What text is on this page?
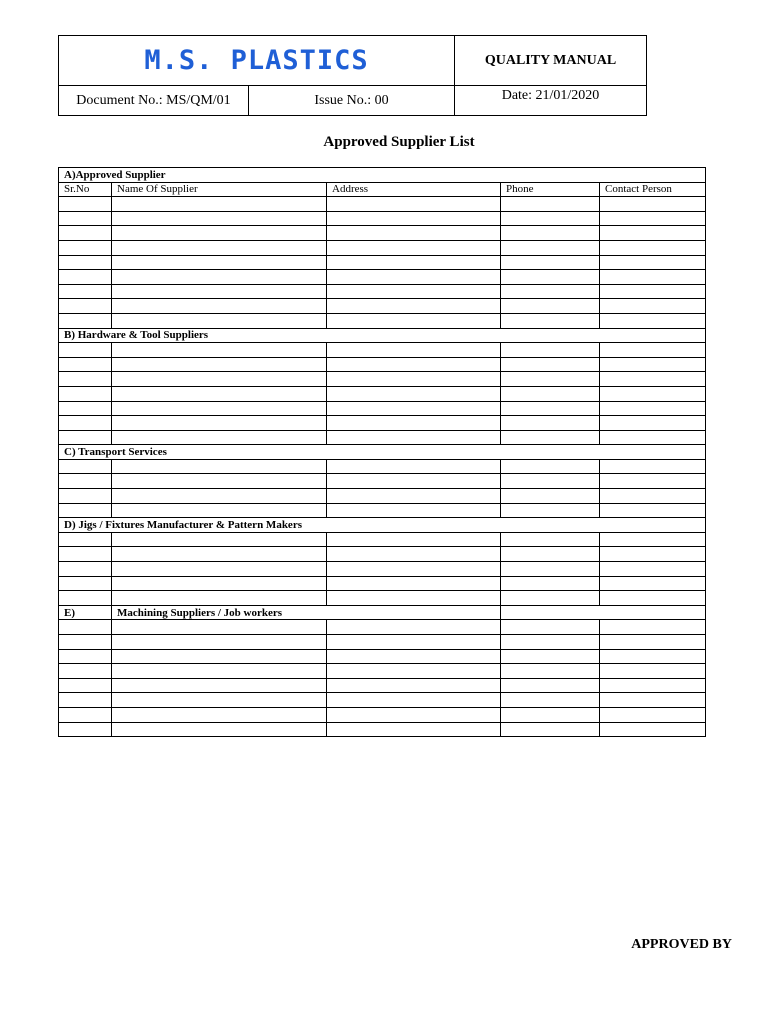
M.S. PLASTICS		QUALITY MANUAL
Document No.: MS/QM/01	Issue No.: 00	Date: 21/01/2020
Approved Supplier List
A)Approved Supplier				
Sr.No	Name Of Supplier	Address	Phone	Contact Person

B) Hardware & Tool Suppliers				

C) Transport Services				

D) Jigs / Fixtures Manufacturer & Pattern Makers				

E)	Machining Suppliers / Job workers			

APPROVED BY
